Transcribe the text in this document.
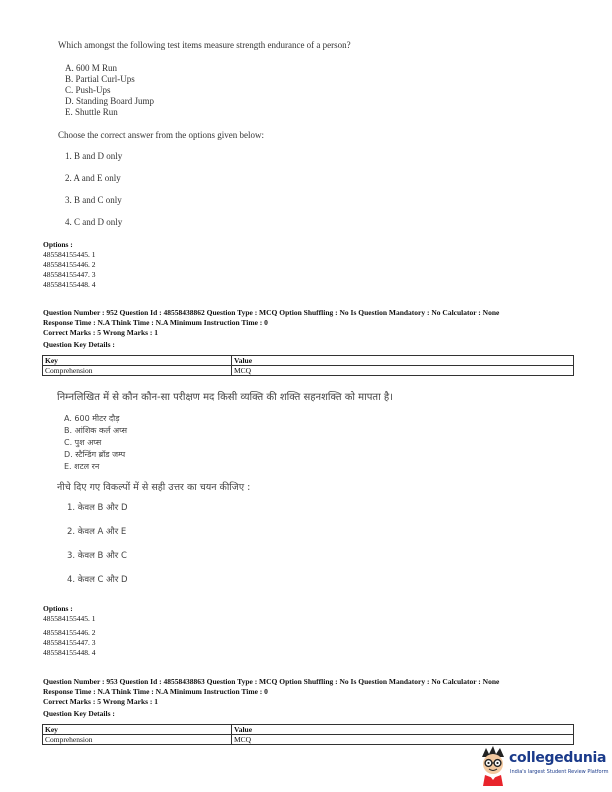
Which amongst the following test items measure strength endurance of a person?
A. 600 M Run
B. Partial Curl-Ups
C. Push-Ups
D. Standing Board Jump
E. Shuttle Run
Choose the correct answer from the options given below:
1. B and D only
2. A and E only
3. B and C only
4. C and D only
Options :
485584155445. 1
485584155446. 2
485584155447. 3
485584155448. 4
Question Number : 952 Question Id : 48558438862 Question Type : MCQ Option Shuffling : No Is Question Mandatory : No Calculator : None
Response Time : N.A Think Time : N.A Minimum Instruction Time : 0
Correct Marks : 5 Wrong Marks : 1
Question Key Details :
Key	Value
Comprehension	MCQ
निम्नलिखित में से कौन कौन-सा परीक्षण मद किसी व्यक्ति की शक्ति सहनशक्ति को मापता है।
A. 600 मीटर दौड़
B. आंशिक कर्ल अप्स
C. पुश अप्स
D. स्टैन्डिंग ब्रॉड जम्प
E. शटल रन
नीचे दिए गए विकल्पों में से सही उत्तर का चयन कीजिए :
1. केवल B और D
2. केवल A और E
3. केवल B और C
4. केवल C और D
Options :
485584155445. 1
485584155446. 2
485584155447. 3
485584155448. 4
Question Number : 953 Question Id : 48558438863 Question Type : MCQ Option Shuffling : No Is Question Mandatory : No Calculator : None
Response Time : N.A Think Time : N.A Minimum Instruction Time : 0
Correct Marks : 5 Wrong Marks : 1
Question Key Details :
Key	Value
Comprehension	MCQ
collegedunia
India's largest Student Review Platform
